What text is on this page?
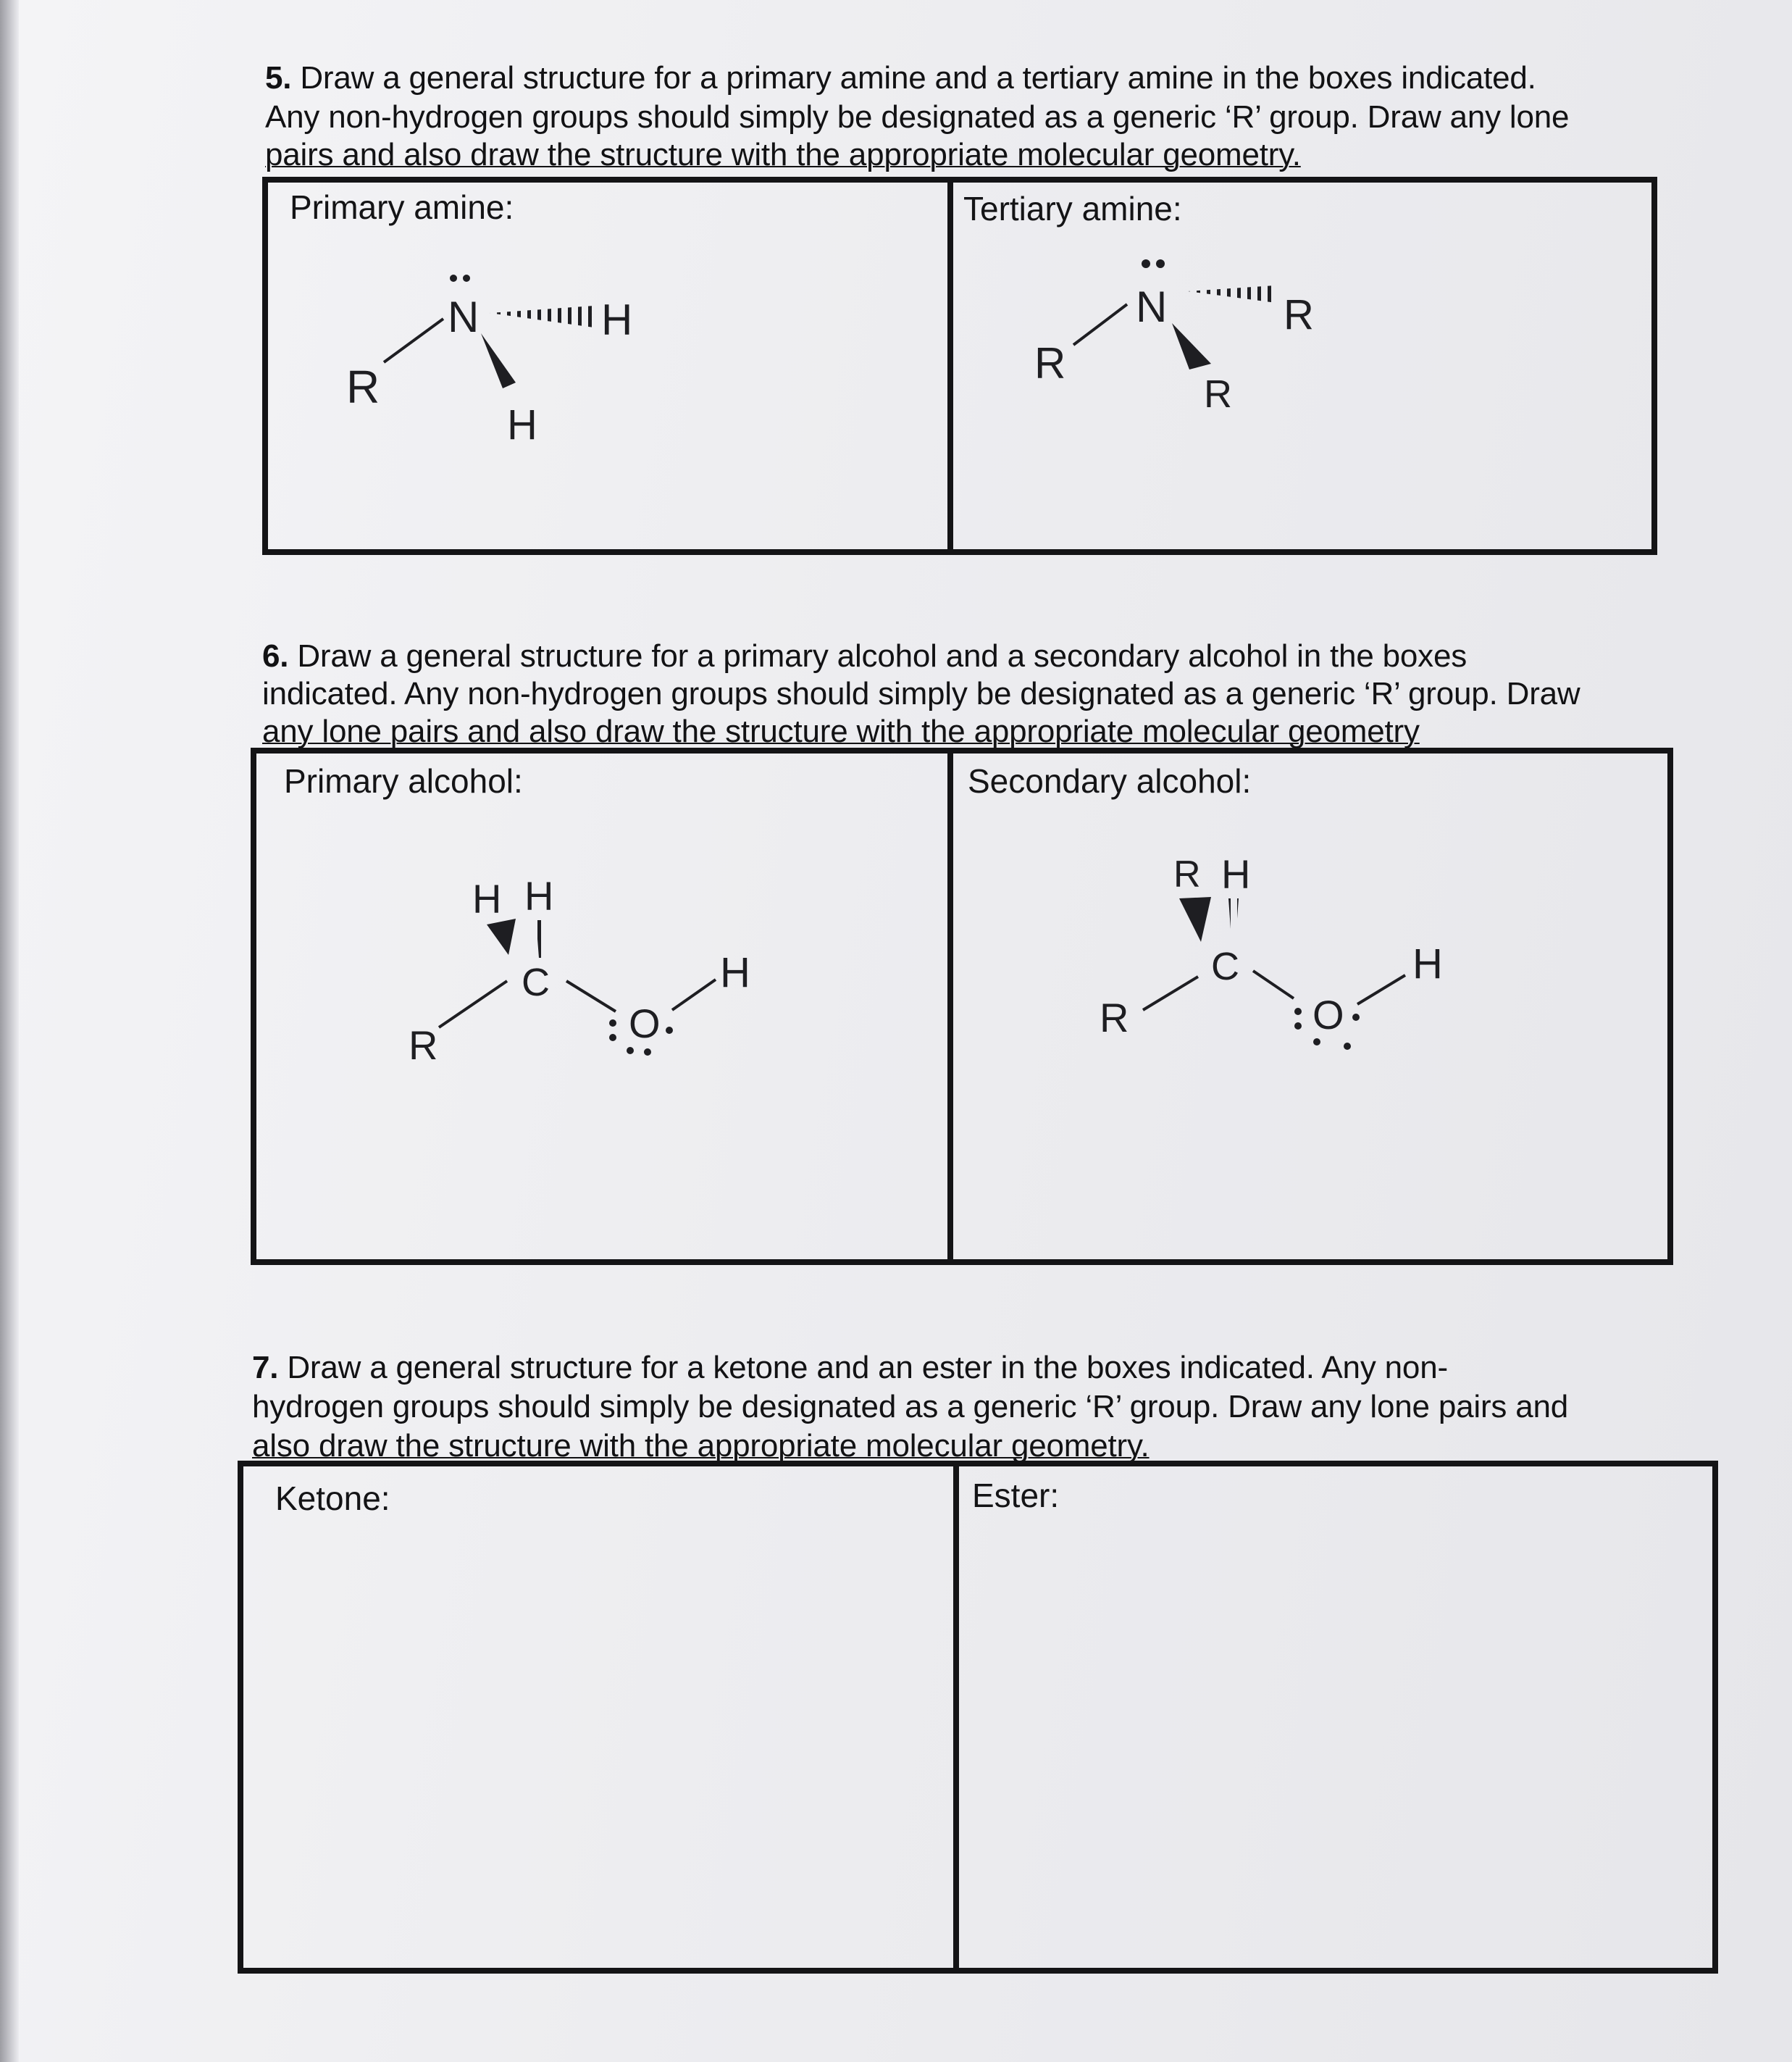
5. Draw a general structure for a primary amine and a tertiary amine in the boxes indicated.

Any non-hydrogen groups should simply be designated as a generic ‘R’ group. Draw any lone

pairs and also draw the structure with the appropriate molecular geometry.

Primary amine:	Tertiary amine:

6. Draw a general structure for a primary alcohol and a secondary alcohol in the boxes

indicated. Any non-hydrogen groups should simply be designated as a generic ‘R’ group. Draw

any lone pairs and also draw the structure with the appropriate molecular geometry

Primary alcohol:	Secondary alcohol:

7. Draw a general structure for a ketone and an ester in the boxes indicated. Any non-

hydrogen groups should simply be designated as a generic ‘R’ group. Draw any lone pairs and

also draw the structure with the appropriate molecular geometry.

Ketone:	Ester:
N
R
H
H
N
R
R
R
H H
C
R	O
H
R H
C
R	O
H
